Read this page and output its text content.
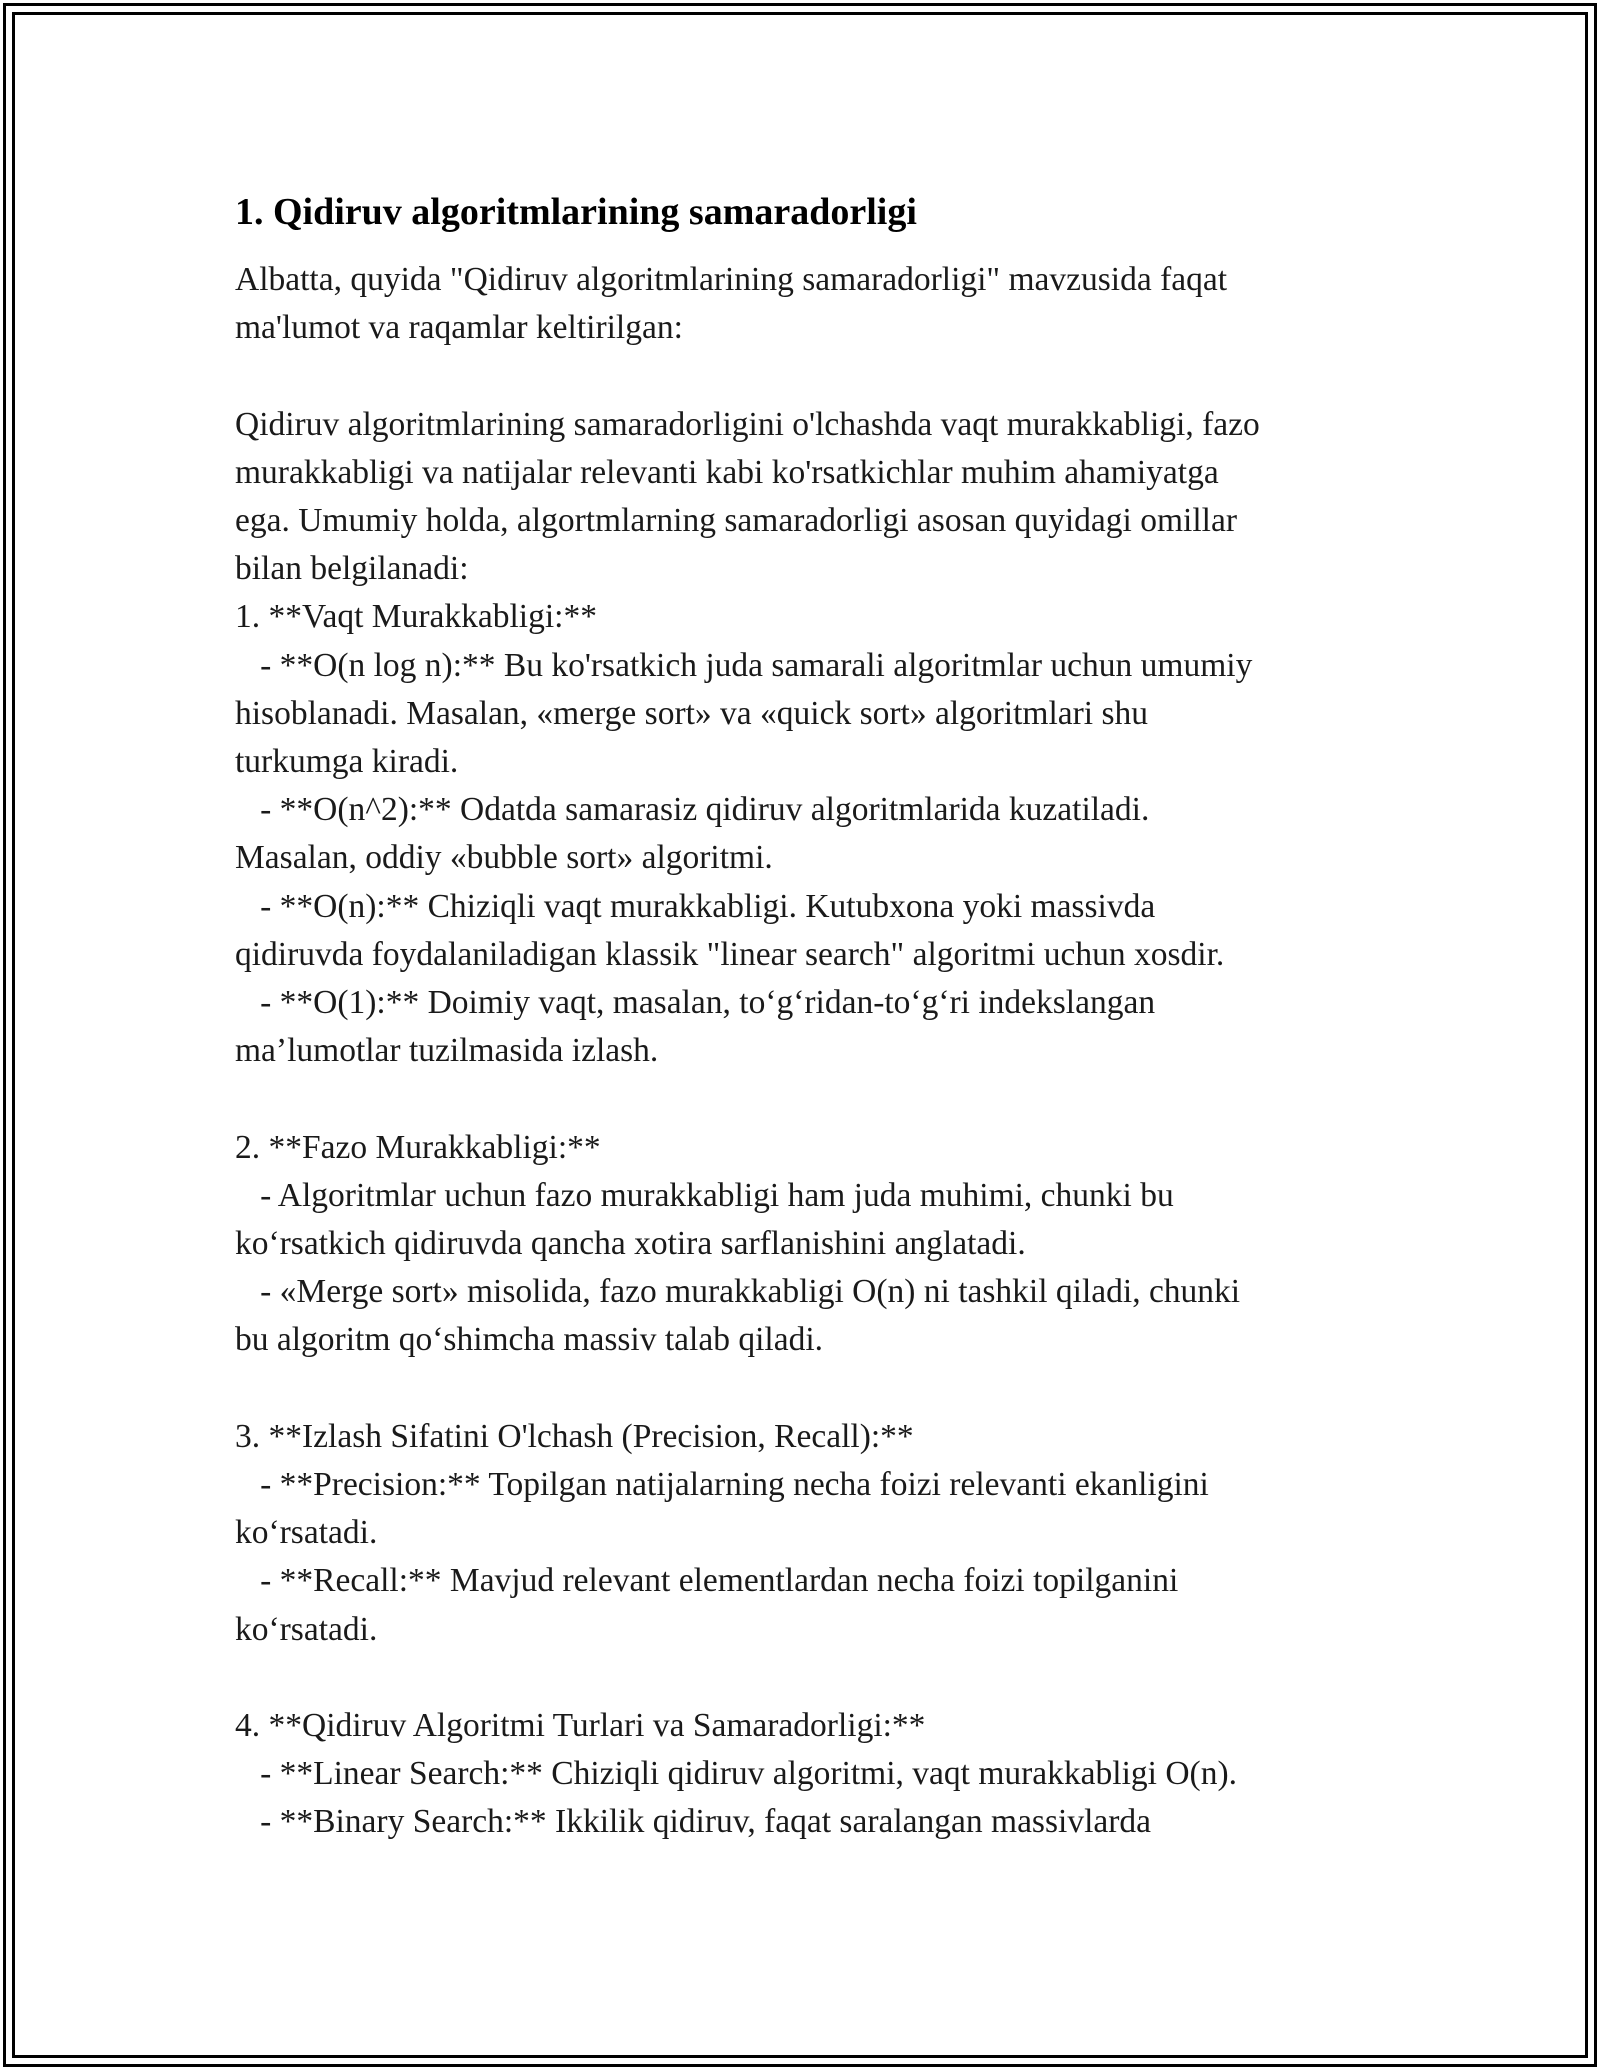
1. Qidiruv algoritmlarining samaradorligi

Albatta, quyida "Qidiruv algoritmlarining samaradorligi" mavzusida faqat

ma'lumot va raqamlar keltirilgan:

Qidiruv algoritmlarining samaradorligini o'lchashda vaqt murakkabligi, fazo

murakkabligi va natijalar relevanti kabi ko'rsatkichlar muhim ahamiyatga

ega. Umumiy holda, algortmlarning samaradorligi asosan quyidagi omillar

bilan belgilanadi:

1. **Vaqt Murakkabligi:**

- **O(n log n):** Bu ko'rsatkich juda samarali algoritmlar uchun umumiy

hisoblanadi. Masalan, «merge sort» va «quick sort» algoritmlari shu

turkumga kiradi.

- **O(n^2):** Odatda samarasiz qidiruv algoritmlarida kuzatiladi.

Masalan, oddiy «bubble sort» algoritmi.

- **O(n):** Chiziqli vaqt murakkabligi. Kutubxona yoki massivda

qidiruvda foydalaniladigan klassik "linear search" algoritmi uchun xosdir.

- **O(1):** Doimiy vaqt, masalan, to‘g‘ridan-to‘g‘ri indekslangan

ma’lumotlar tuzilmasida izlash.

2. **Fazo Murakkabligi:**

- Algoritmlar uchun fazo murakkabligi ham juda muhimi, chunki bu

ko‘rsatkich qidiruvda qancha xotira sarflanishini anglatadi.

- «Merge sort» misolida, fazo murakkabligi O(n) ni tashkil qiladi, chunki

bu algoritm qo‘shimcha massiv talab qiladi.

3. **Izlash Sifatini O'lchash (Precision, Recall):**

- **Precision:** Topilgan natijalarning necha foizi relevanti ekanligini

ko‘rsatadi.

- **Recall:** Mavjud relevant elementlardan necha foizi topilganini

ko‘rsatadi.

4. **Qidiruv Algoritmi Turlari va Samaradorligi:**

- **Linear Search:** Chiziqli qidiruv algoritmi, vaqt murakkabligi O(n).

- **Binary Search:** Ikkilik qidiruv, faqat saralangan massivlarda
